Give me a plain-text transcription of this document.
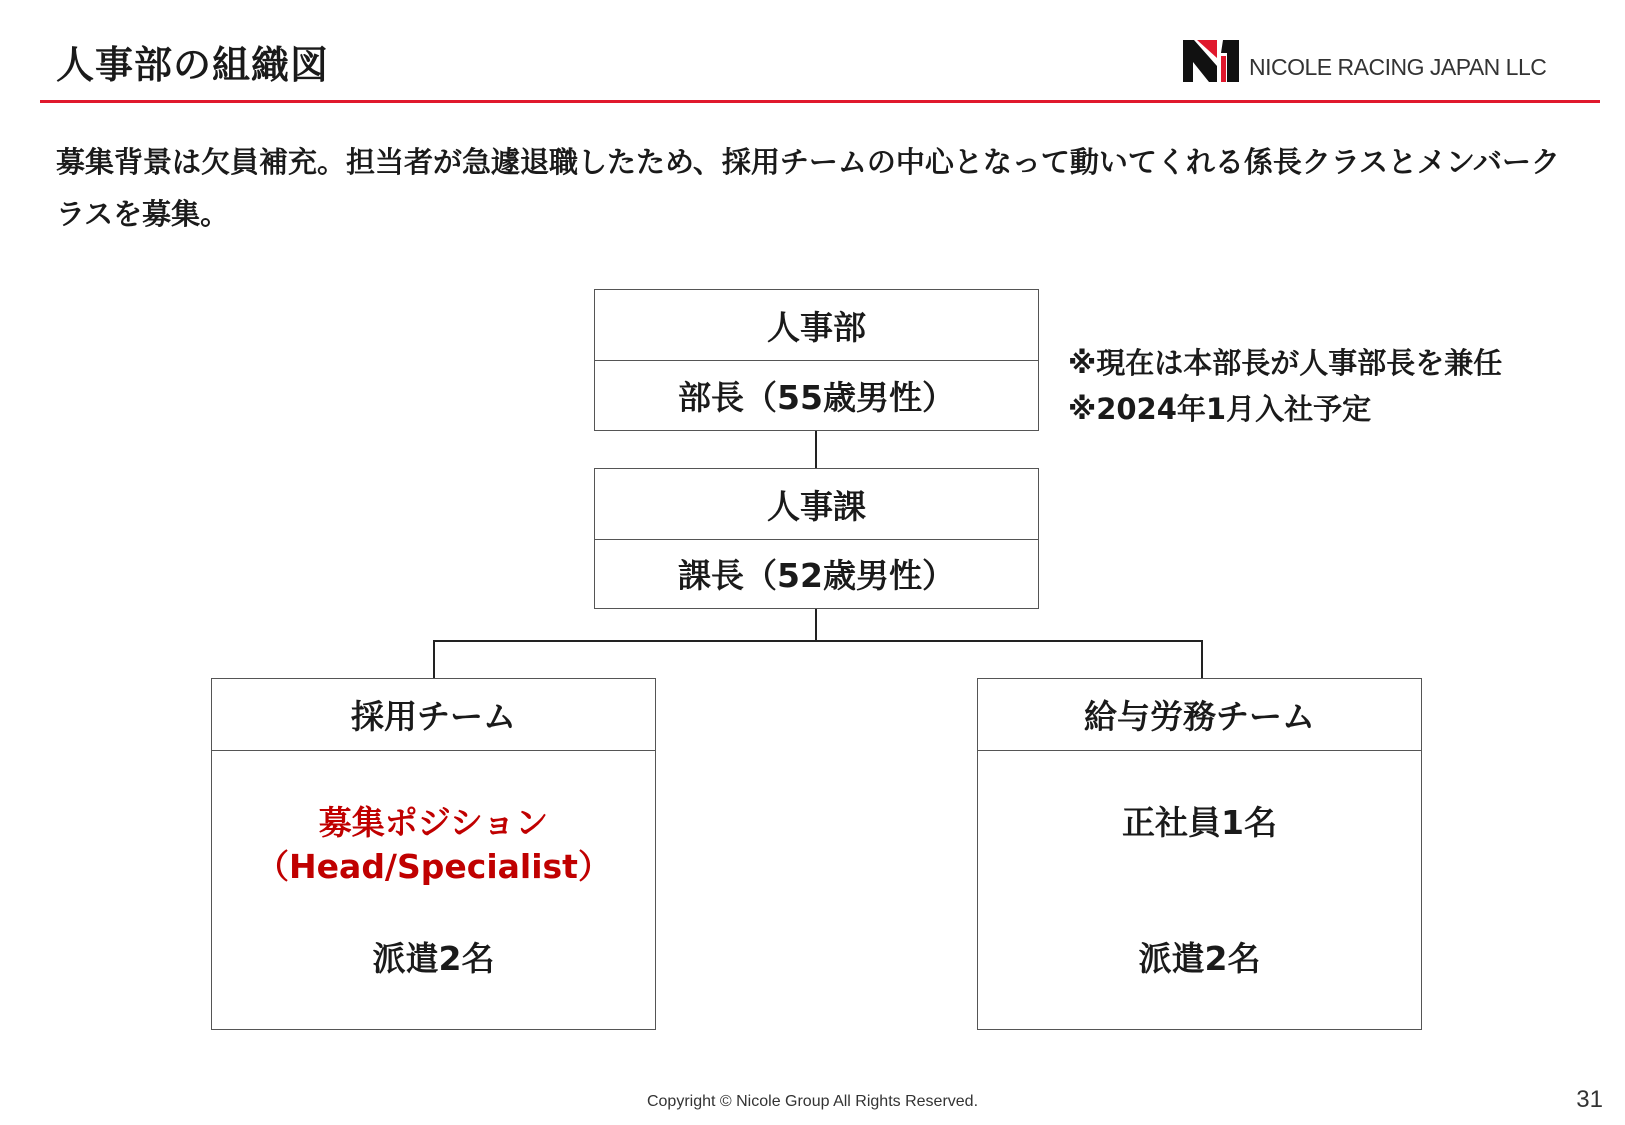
人事部の組織図	NICOLE RACING JAPAN LLC

募集背景は欠員補充。担当者が急遽退職したため、採用チームの中心となって動いてくれる係長クラスとメンバークラスを募集。

※現在は本部長が人事部長を兼任
※2024年1月入社予定
人事部
部長（55歳男性）
人事課
課長（52歳男性）
採用チーム
募集ポジション
（Head/Specialist）
派遣2名
給与労務チーム
正社員1名
派遣2名
Copyright © Nicole Group All Rights Reserved.	31
